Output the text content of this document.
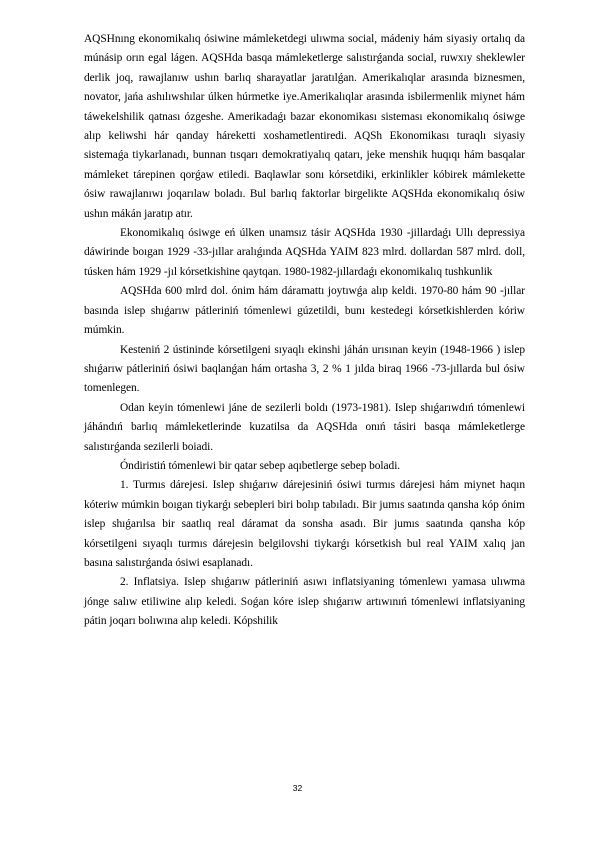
AQSHnıng ekonomikalıq ósiwine mámleketdegi ulıwma social, mádeniy hám siyasiy ortalıq da múnásip orın egal lágen. AQSHda basqa mámleketlerge salıstırǵanda social, ruwxıy sheklewler derlik joq, rawajlanıw ushın barlıq sharayatlar jaratılǵan. Amerikalıqlar arasında biznesmen, novator, jańa ashılıwshılar úlken húrmetke iye.Amerikalıqlar arasında isbilermenlik miynet hám táwekelshilik qatnası ózgeshe. Amerikadaǵı bazar ekonomikası sisteması ekonomikalıq ósiwge alıp keliwshi hár qanday háreketti xoshametlentiredi. AQSh Ekonomikası turaqlı siyasiy sistemaǵa tiykarlanadı, bunnan tısqarı demokratiyalıq qatarı, jeke menshik huqıqı hám basqalar mámleket tárepinen qorǵaw etiledi. Baqlawlar sonı kórsetdiki, erkinlikler kóbirek mámlekette ósiw rawajlanıwı joqarılaw boladı. Bul barlıq faktorlar birgelikte AQSHda ekonomikalıq ósiw ushın mákán jaratıp atır.

Ekonomikalıq ósiwge eń úlken unamsız tásir AQSHda 1930 -jillardaǵı Ullı depressiya dáwirinde boıgan 1929 -33-jıllar aralıǵında AQSHda YAIM 823 mlrd. dollardan 587 mlrd. doll, túsken hám 1929 -jıl kórsetkishine qaytqan. 1980-1982-jıllardaǵı ekonomikalıq tushkunlik

AQSHda 600 mlrd dol. ónim hám dáramattı joytıwǵa alıp keldi. 1970-80 hám 90 -jıllar basında islep shıǵarıw pátleriniń tómenlewi gúzetildi, bunı kestedegi kórsetkishlerden kóriw múmkin.

Kesteniń 2 ústininde kórsetilgeni sıyaqlı ekinshi jáhán urısınan keyin (1948-1966 ) islep shıǵarıw pátleriniń ósiwi baqlanǵan hám ortasha 3, 2 % 1 jılda biraq 1966 -73-jıllarda bul ósiw tomenlegen.

Odan keyin tómenlewi jáne de sezilerli boldı (1973-1981). Islep shıǵarıwdıń tómenlewi jáhándıń barlıq mámleketlerinde kuzatilsa da AQSHda onıń tásiri basqa mámleketlerge salıstırǵanda sezilerli boiadi.

Óndiristiń tómenlewi bir qatar sebep aqıbetlerge sebep boladi.

1. Turmıs dárejesi. Islep shıǵarıw dárejesiniń ósiwi turmıs dárejesi hám miynet haqın kóteriw múmkin boıgan tiykarǵı sebepleri biri bolıp tabıladı. Bir jumıs saatında qansha kóp ónim islep shıǵarılsa bir saatlıq real dáramat da sonsha asadı. Bir jumıs saatında qansha kóp kórsetilgeni sıyaqlı turmıs dárejesin belgilovshi tiykarǵı kórsetkish bul real YAIM xalıq jan basına salıstırǵanda ósiwi esaplanadı.

2. Inflatsiya. Islep shıǵarıw pátleriniń asıwı inflatsiyaning tómenlewı yamasa ulıwma jónge salıw etiliwine alıp keledi. Soǵan kóre islep shıǵarıw artıwınıń tómenlewi inflatsiyaning pátin joqarı bolıwına alıp keledi. Kópshilik

32
